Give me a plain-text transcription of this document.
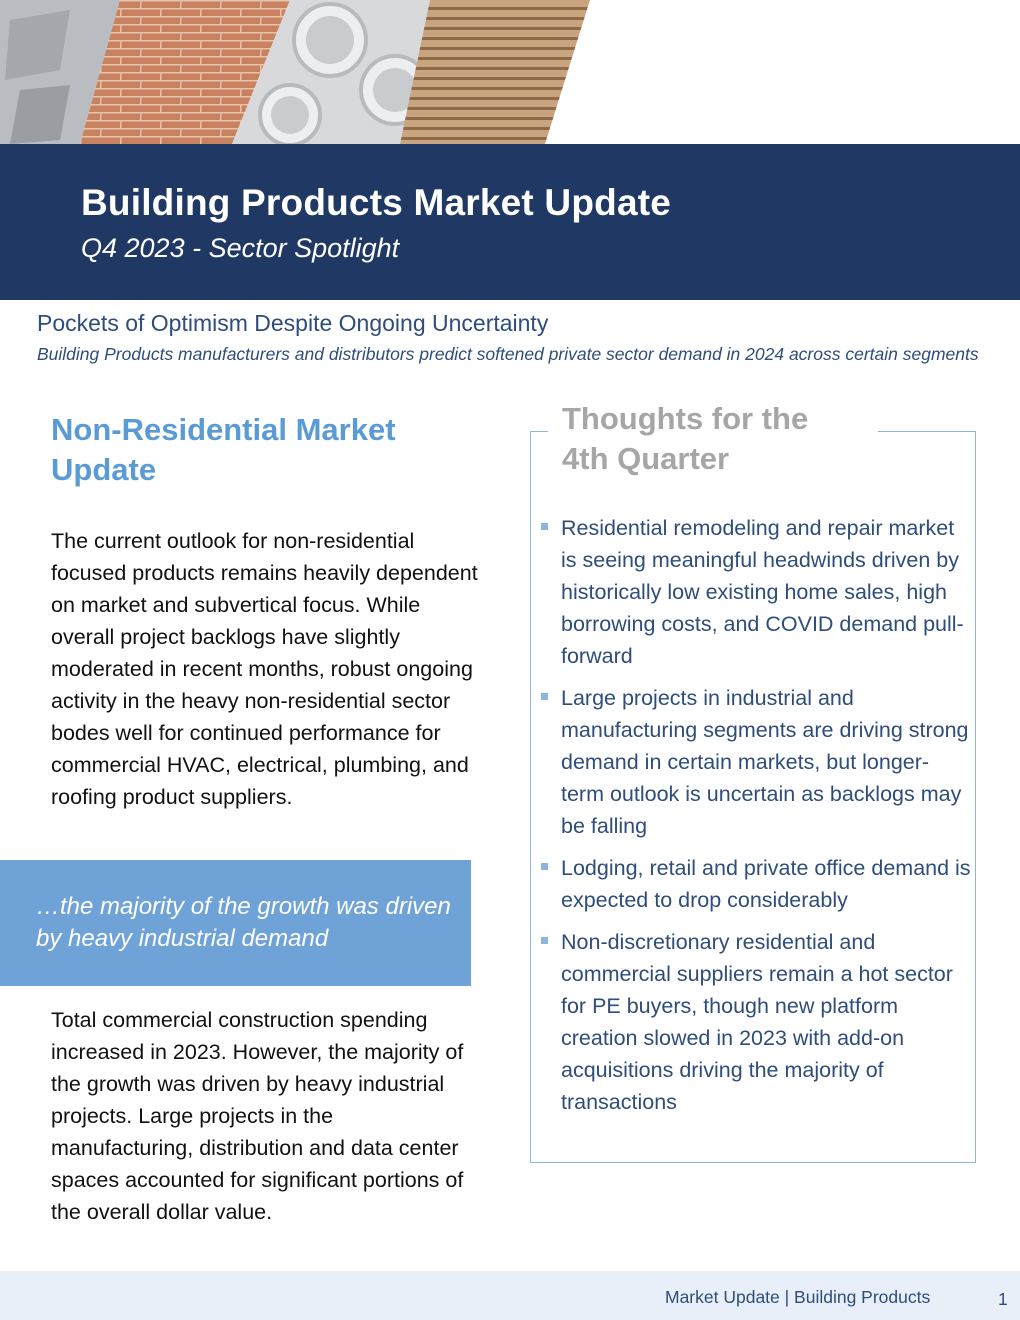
Building Products Market Update
Q4 2023 - Sector Spotlight
Pockets of Optimism Despite Ongoing Uncertainty
Building Products manufacturers and distributors predict softened private sector demand in 2024 across certain segments
Non-Residential Market Update
The current outlook for non-residential focused products remains heavily dependent on market and subvertical focus. While overall project backlogs have slightly moderated in recent months, robust ongoing activity in the heavy non-residential sector bodes well for continued performance for commercial HVAC, electrical, plumbing, and roofing product suppliers.
…the majority of the growth was driven by heavy industrial demand
Total commercial construction spending increased in 2023. However, the majority of the growth was driven by heavy industrial projects. Large projects in the manufacturing, distribution and data center spaces accounted for significant portions of the overall dollar value.
Thoughts for the 4th Quarter
Residential remodeling and repair market is seeing meaningful headwinds driven by historically low existing home sales, high borrowing costs, and COVID demand pull-forward
Large projects in industrial and manufacturing segments are driving strong demand in certain markets, but longer-term outlook is uncertain as backlogs may be falling
Lodging, retail and private office demand is expected to drop considerably
Non-discretionary residential and commercial suppliers remain a hot sector for PE buyers, though new platform creation slowed in 2023 with add-on acquisitions driving the majority of transactions
Market Update | Building Products	1
